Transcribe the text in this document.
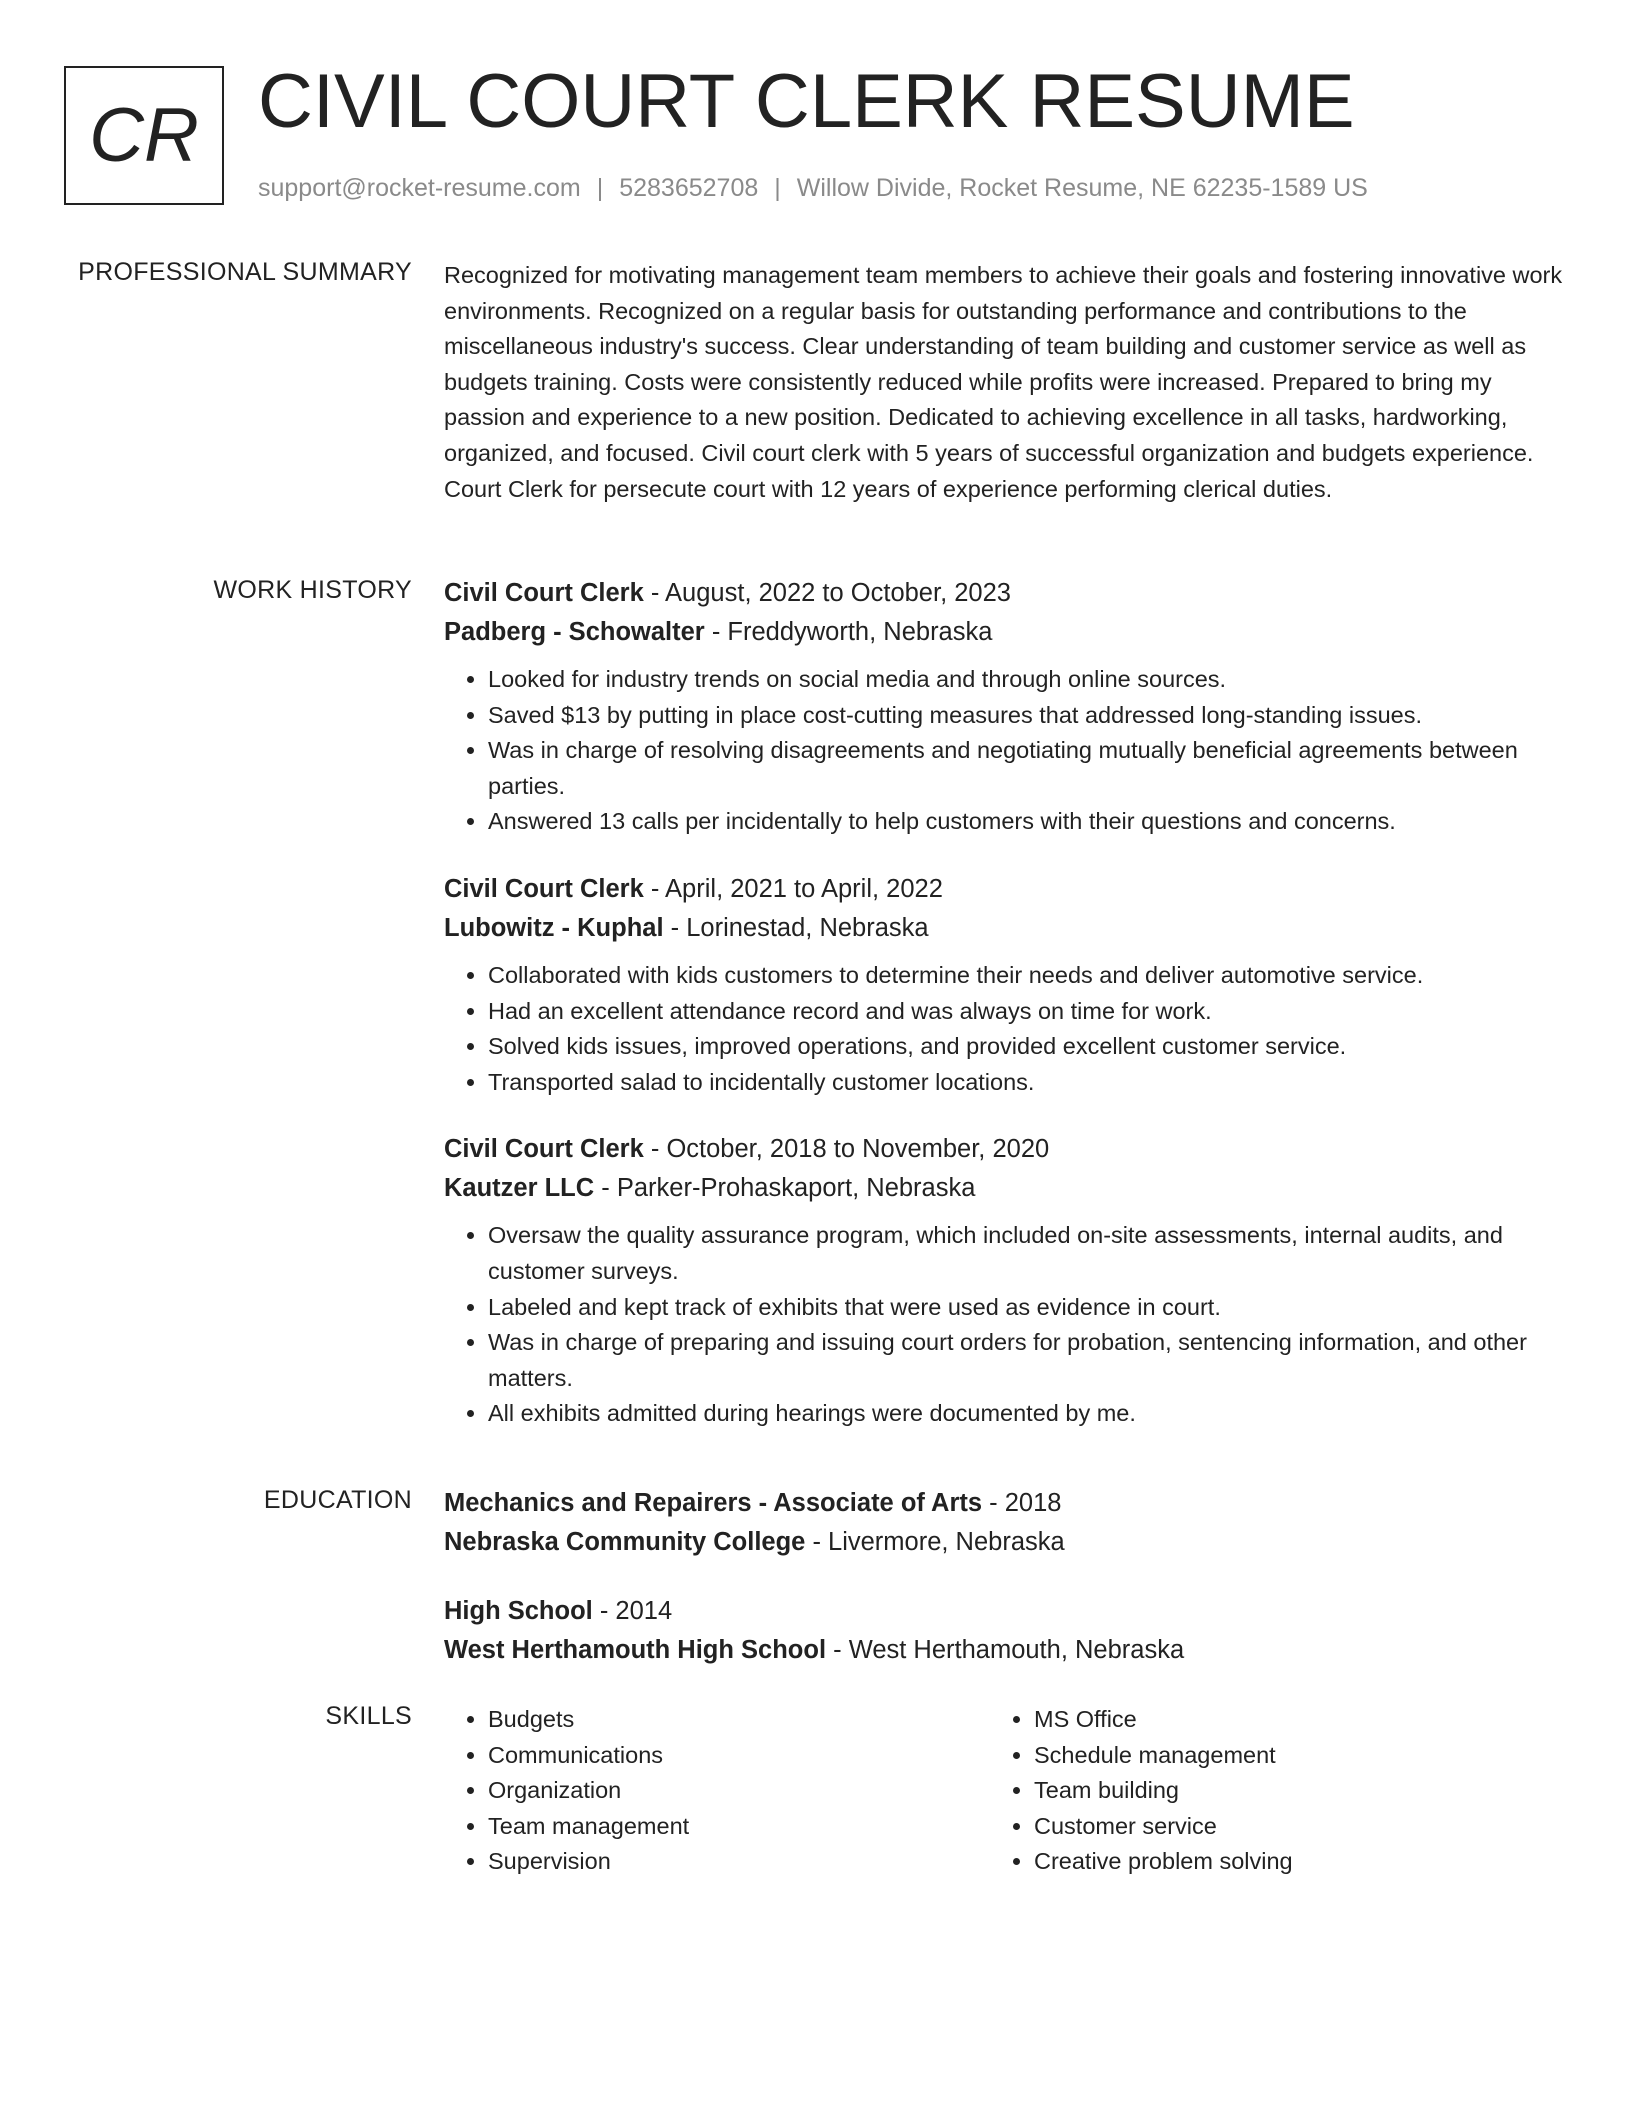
CR CIVIL COURT CLERK RESUME
support@rocket-resume.com | 5283652708 | Willow Divide, Rocket Resume, NE 62235-1589 US
PROFESSIONAL SUMMARY Recognized for motivating management team members to achieve their goals and fostering innovative work environments. Recognized on a regular basis for outstanding performance and contributions to the miscellaneous industry's success. Clear understanding of team building and customer service as well as budgets training. Costs were consistently reduced while profits were increased. Prepared to bring my passion and experience to a new position. Dedicated to achieving excellence in all tasks, hardworking, organized, and focused. Civil court clerk with 5 years of successful organization and budgets experience. Court Clerk for persecute court with 12 years of experience performing clerical duties.

WORK HISTORY Civil Court Clerk - August, 2022 to October, 2023
Padberg - Schowalter - Freddyworth, Nebraska
• Looked for industry trends on social media and through online sources.
• Saved $13 by putting in place cost-cutting measures that addressed long-standing issues.
• Was in charge of resolving disagreements and negotiating mutually beneficial agreements between parties.
• Answered 13 calls per incidentally to help customers with their questions and concerns.
Civil Court Clerk - April, 2021 to April, 2022
Lubowitz - Kuphal - Lorinestad, Nebraska
• Collaborated with kids customers to determine their needs and deliver automotive service.
• Had an excellent attendance record and was always on time for work.
• Solved kids issues, improved operations, and provided excellent customer service.
• Transported salad to incidentally customer locations.
Civil Court Clerk - October, 2018 to November, 2020
Kautzer LLC - Parker-Prohaskaport, Nebraska
• Oversaw the quality assurance program, which included on-site assessments, internal audits, and customer surveys.
• Labeled and kept track of exhibits that were used as evidence in court.
• Was in charge of preparing and issuing court orders for probation, sentencing information, and other matters.
• All exhibits admitted during hearings were documented by me.
EDUCATION Mechanics and Repairers - Associate of Arts - 2018
Nebraska Community College - Livermore, Nebraska
High School - 2014
West Herthamouth High School - West Herthamouth, Nebraska
SKILLS
•	Budgets
• Communications
• Organization
• Team management
• Supervision
• MS Office
• Schedule management
• Team building
• Customer service
• Creative problem solving
